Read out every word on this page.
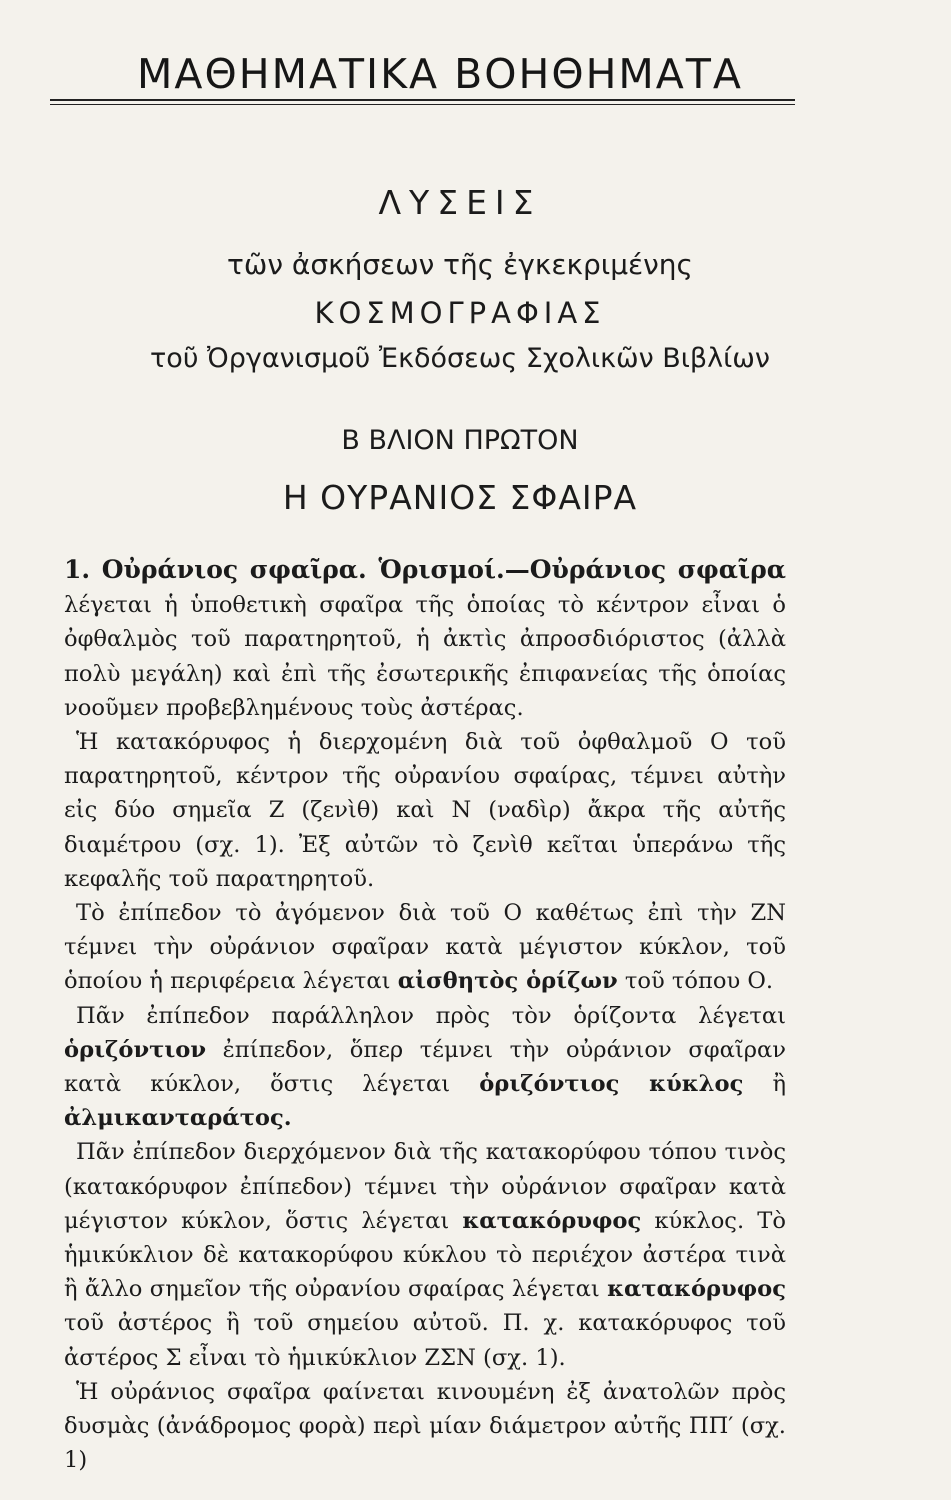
ΜΑΘΗΜΑΤΙΚΑ ΒΟΗΘΗΜΑΤΑ
ΛΥΣΕΙΣ
τῶν ἀσκήσεων τῆς ἐγκεκριμένης
ΚΟΣΜΟΓΡΑΦΙΑΣ
τοῦ Ὀργανισμοῦ Ἐκδόσεως Σχολικῶν Βιβλίων
Β ΒΛΙΟΝ ΠΡΩΤΟΝ
Η ΟΥΡΑΝΙΟΣ ΣΦΑΙΡΑ

1. Οὐράνιος σφαῖρα. Ὁρισμοί.—Οὐράνιος σφαῖρα λέγεται ἡ ὑποθετικὴ σφαῖρα τῆς ὁποίας τὸ κέντρον εἶναι ὁ ὀφθαλμὸς τοῦ παρατηρητοῦ, ἡ ἀκτὶς ἀπροσδιόριστος (ἀλλὰ πολὺ μεγάλη) καὶ ἐπὶ τῆς ἐσωτερικῆς ἐπιφανείας τῆς ὁποίας νοοῦμεν προβεβλημένους τοὺς ἀστέρας.

Ἡ κατακόρυφος ἡ διερχομένη διὰ τοῦ ὀφθαλμοῦ Ο τοῦ παρατηρητοῦ, κέντρον τῆς οὐρανίου σφαίρας, τέμνει αὐτὴν εἰς δύο σημεῖα Ζ (ζενὶθ) καὶ Ν (ναδὶρ) ἄκρα τῆς αὐτῆς διαμέτρου (σχ. 1). Ἐξ αὐτῶν τὸ ζενὶθ κεῖται ὑπεράνω τῆς κεφαλῆς τοῦ παρατηρητοῦ.

Τὸ ἐπίπεδον τὸ ἀγόμενον διὰ τοῦ Ο καθέτως ἐπὶ τὴν ΖΝ τέμνει τὴν οὐράνιον σφαῖραν κατὰ μέγιστον κύκλον, τοῦ ὁποίου ἡ περιφέρεια λέγεται αἰσθητὸς ὁρίζων τοῦ τόπου Ο.

Πᾶν ἐπίπεδον παράλληλον πρὸς τὸν ὁρίζοντα λέγεται ὁριζόντιον ἐπίπεδον, ὅπερ τέμνει τὴν οὐράνιον σφαῖραν κατὰ κύκλον, ὅστις λέγεται ὁριζόντιος κύκλος ἢ ἀλμικανταράτος.

Πᾶν ἐπίπεδον διερχόμενον διὰ τῆς κατακορύφου τόπου τινὸς (κατακόρυφον ἐπίπεδον) τέμνει τὴν οὐράνιον σφαῖραν κατὰ μέγιστον κύκλον, ὅστις λέγεται κατακόρυφος κύκλος. Τὸ ἡμικύκλιον δὲ κατακορύφου κύκλου τὸ περιέχον ἀστέρα τινὰ ἢ ἄλλο σημεῖον τῆς οὐρανίου σφαίρας λέγεται κατακόρυφος τοῦ ἀστέρος ἢ τοῦ σημείου αὐτοῦ. Π. χ. κατακόρυφος τοῦ ἀστέρος Σ εἶναι τὸ ἡμικύκλιον ΖΣΝ (σχ. 1).

Ἡ οὐράνιος σφαῖρα φαίνεται κινουμένη ἐξ ἀνατολῶν πρὸς δυσμὰς (ἀνάδρομος φορὰ) περὶ μίαν διάμετρον αὐτῆς ΠΠ′ (σχ. 1)
